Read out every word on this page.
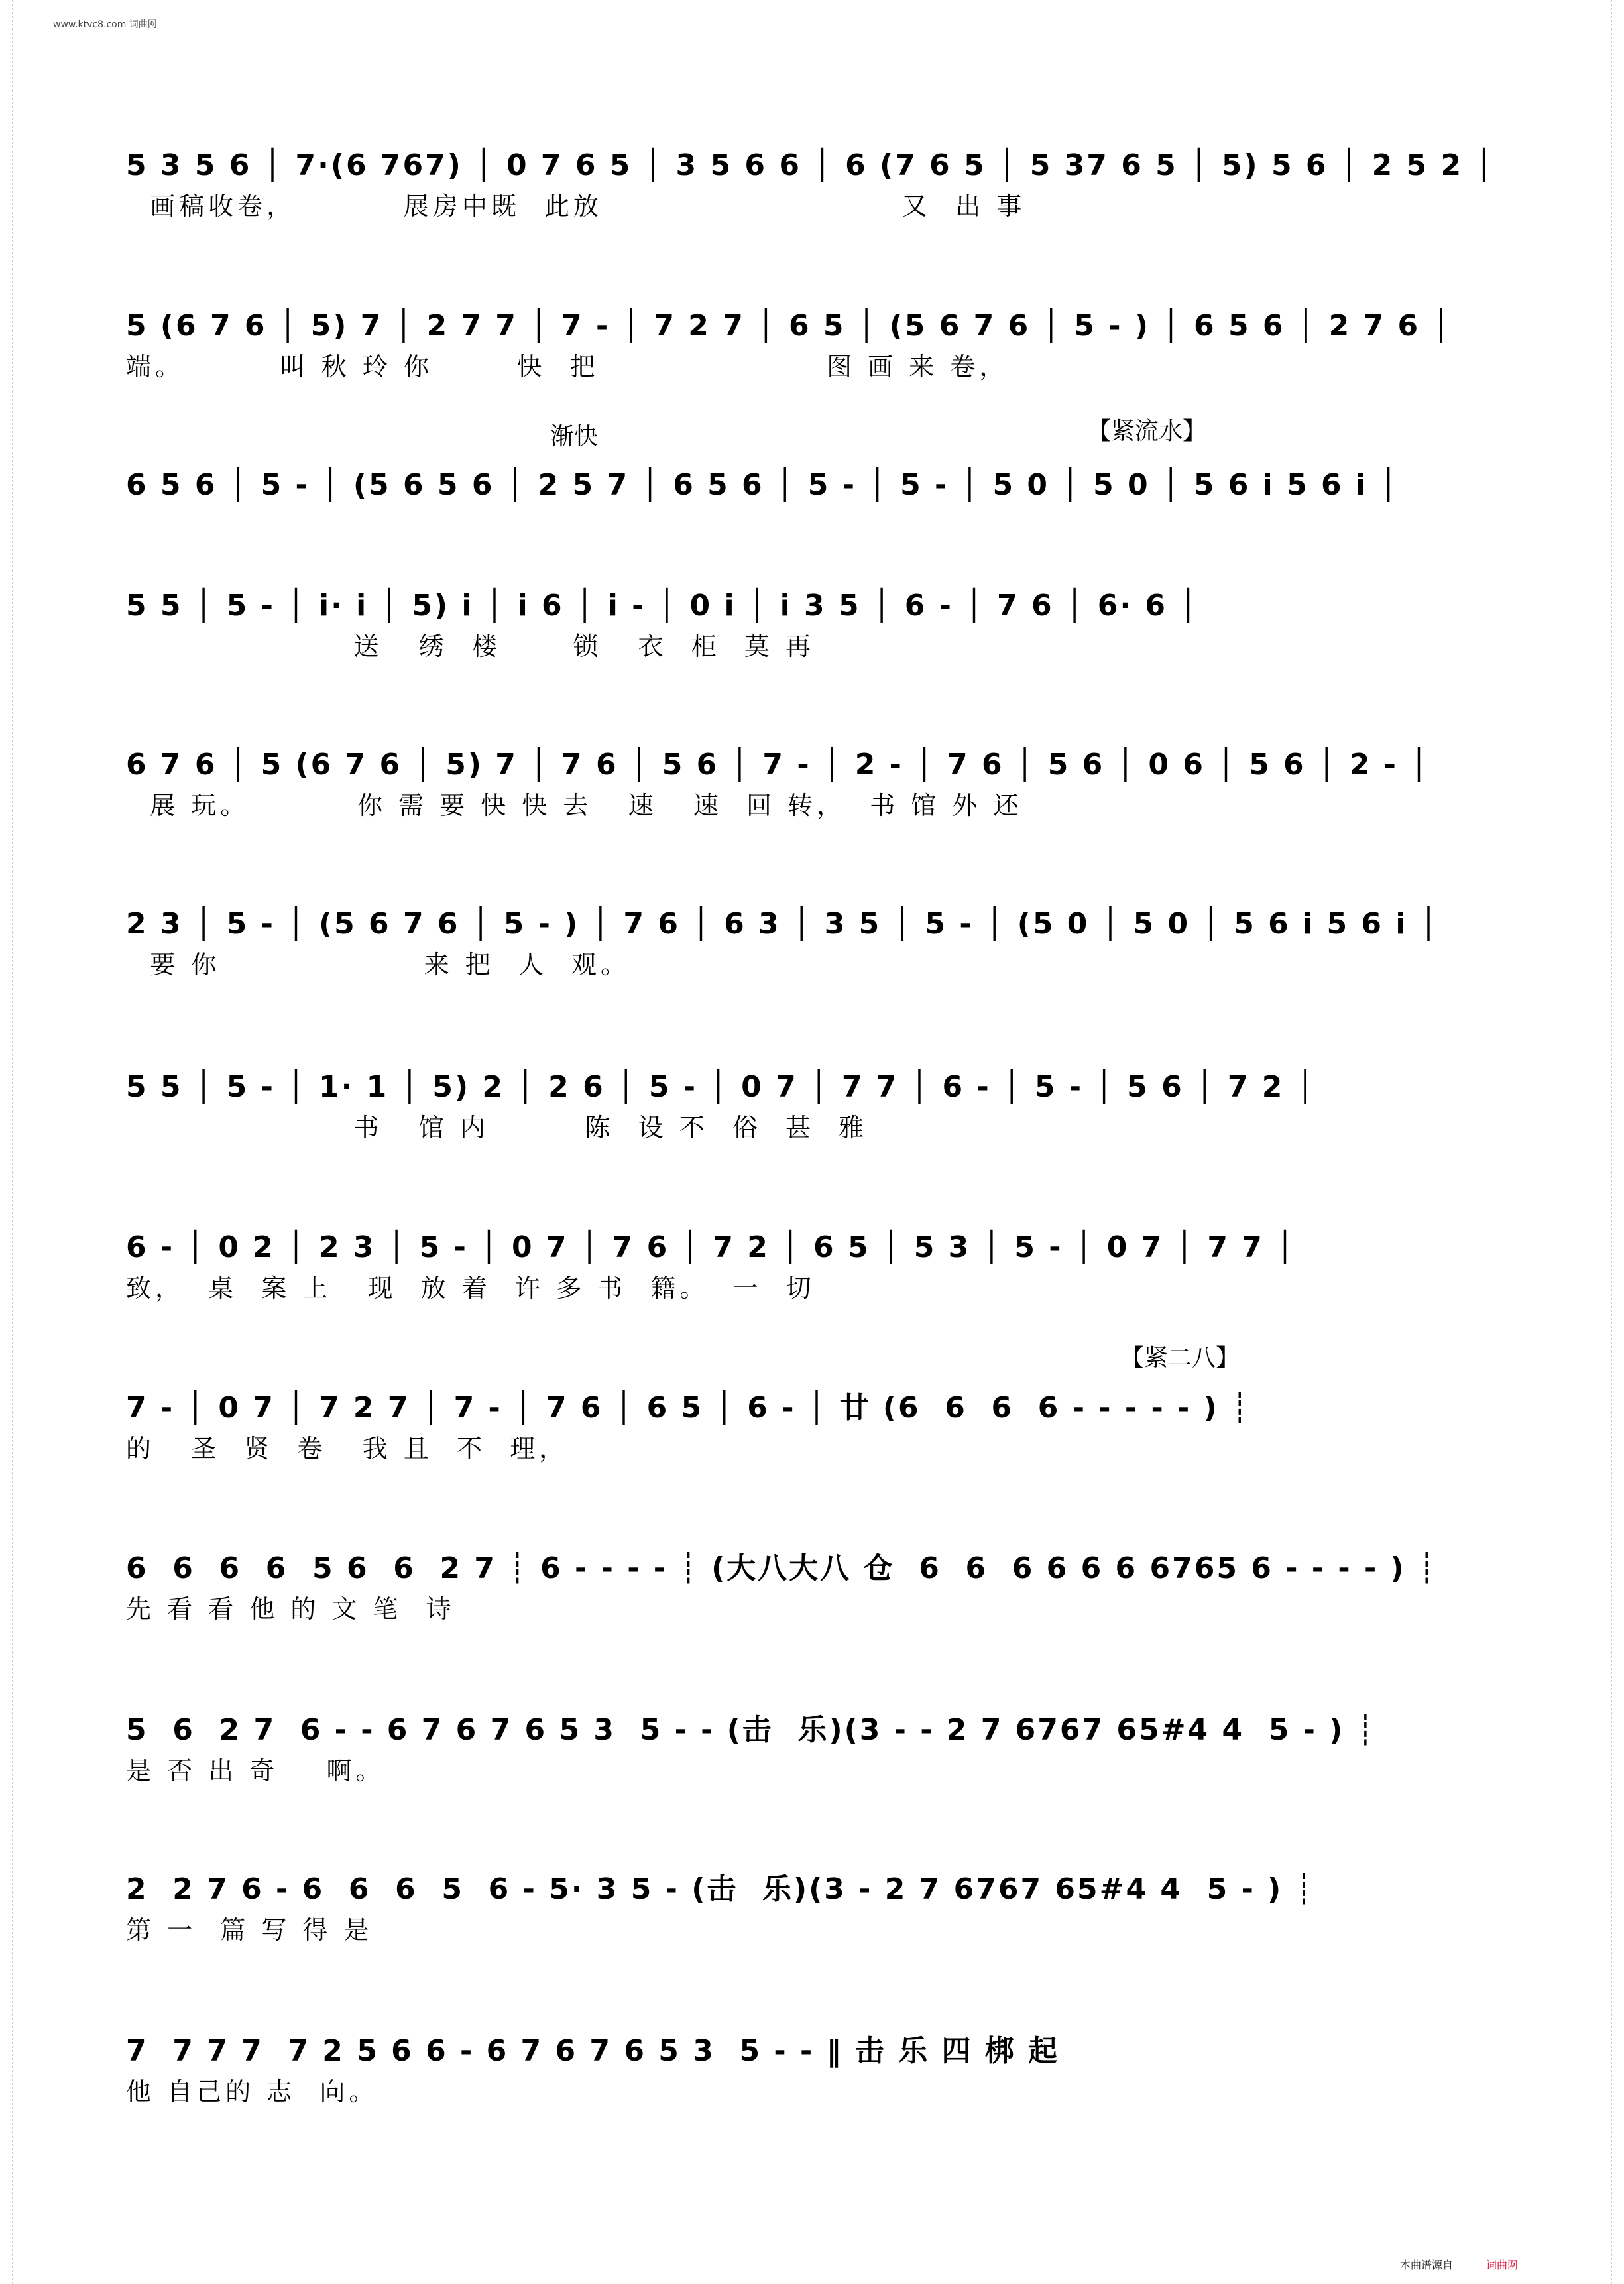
www.ktvc8.com 词曲网
5 3 5 6 │ 7·(6 767) │ 0 7 6 5 │ 3 5 6 6 │ 6 (7 6 5 │ 5 37 6 5 │ 5) 5 6 │ 2 5 2 │
画稿收卷，         展房中既  此放                         又  出 事
5 (6 7 6 │ 5) 7 │ 2 7 7 │ 7 - │ 7 2 7 │ 6 5 │ (5 6 7 6 │ 5 - ) │ 6 5 6 │ 2 7 6 │
端。        叫 秋 玲 你       快  把                   图 画 来 卷，
6 5 6 │ 5 - │ (5 6 5 6 │ 2 5 7 │ 6 5 6 │ 5 - │ 5 - │ 5 0 │ 5 0 │ 5 6 i 5 6 i │
渐快	【紧流水】
5 5 │ 5 - │ i· i │ 5) i │ i 6 │ i - │ 0 i │ i 3 5 │ 6 - │ 7 6 │ 6· 6 │
送   绣  楼      锁   衣  柜  莫 再
6 7 6 │ 5 (6 7 6 │ 5) 7 │ 7 6 │ 5 6 │ 7 - │ 2 - │ 7 6 │ 5 6 │ 0 6 │ 5 6 │ 2 - │
展 玩。         你 需 要 快 快 去   速   速  回 转，  书 馆 外 还
2 3 │ 5 - │ (5 6 7 6 │ 5 - ) │ 7 6 │ 6 3 │ 3 5 │ 5 - │ (5 0 │ 5 0 │ 5 6 i 5 6 i │
要 你                 来 把  人  观。
5 5 │ 5 - │ 1· 1 │ 5) 2 │ 2 6 │ 5 - │ 0 7 │ 7 7 │ 6 - │ 5 - │ 5 6 │ 7 2 │
书   馆 内        陈  设 不  俗  甚  雅
6 - │ 0 2 │ 2 3 │ 5 - │ 0 7 │ 7 6 │ 7 2 │ 6 5 │ 5 3 │ 5 - │ 0 7 │ 7 7 │
致，  桌  案 上   现  放 着  许 多 书  籍。  一  切
7 - │ 0 7 │ 7 2 7 │ 7 - │ 7 6 │ 6 5 │ 6 - │ 廿 (6  6  6  6 - - - - - ) ┊
的   圣  贤  卷   我 且  不  理，
【紧二八】
6  6  6  6  5 6  6  2 7 ┊ 6 - - - - ┊ (大八大八 仓  6  6  6 6 6 6 6765 6 - - - - ) ┊
先 看 看 他 的 文 笔  诗
5  6  2 7  6 - - 6 7 6 7 6 5 3  5 - - (击  乐)(3 - - 2 7 6767 65#4 4  5 - ) ┊
是 否 出 奇    啊。
2  2 7 6 - 6  6  6  5  6 - 5· 3 5 - (击  乐)(3 - 2 7 6767 65#4 4  5 - ) ┊
第 一  篇 写 得 是
7  7 7 7  7 2 5 6 6 - 6 7 6 7 6 5 3  5 - - ‖ 击 乐 四 梆 起
他 自己的 志  向。
本曲谱源自	词曲网
